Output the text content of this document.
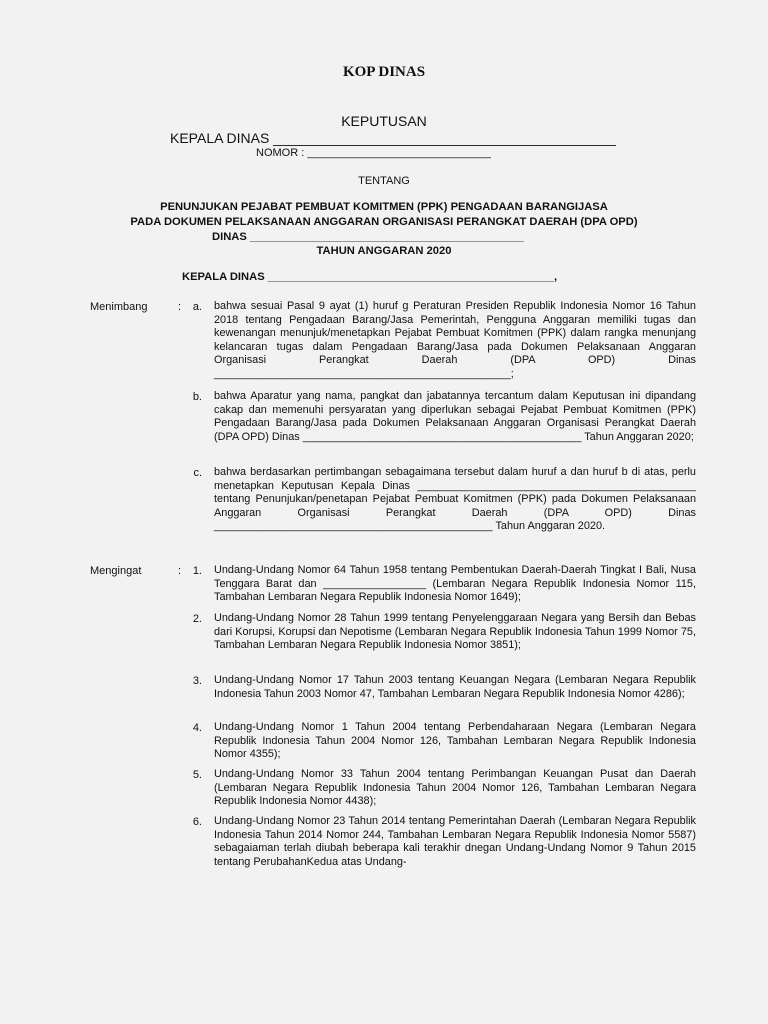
KOP DINAS
KEPUTUSAN
KEPALA DINAS ____________________________________________
NOMOR : ______________________________
TENTANG
PENUNJUKAN PEJABAT PEMBUAT KOMITMEN (PPK) PENGADAAN BARANGIJASA
PADA DOKUMEN PELAKSANAAN ANGGARAN ORGANISASI PERANGKAT DAERAH (DPA OPD)
DINAS ____________________________________________
TAHUN ANGGARAN 2020
KEPALA DINAS ______________________________________________,
Menimbang	:	a. bahwa sesuai Pasal 9 ayat (1) huruf g Peraturan Presiden Republik Indonesia Nomor 16 Tahun 2018 tentang Pengadaan Barang/Jasa Pemerintah, Pengguna Anggaran memiliki tugas dan kewenangan menunjuk/menetapkan Pejabat Pembuat Komitmen (PPK) dalam rangka menunjang kelancaran tugas dalam Pengadaan Barang/Jasa pada Dokumen Pelaksanaan Anggaran Organisasi Perangkat Daerah (DPA OPD) Dinas _________________________________________________;
b. bahwa Aparatur yang nama, pangkat dan jabatannya tercantum dalam Keputusan ini dipandang cakap dan memenuhi persyaratan yang diperlukan sebagai Pejabat Pembuat Komitmen (PPK) Pengadaan Barang/Jasa pada Dokumen Pelaksanaan Anggaran Organisasi Perangkat Daerah (DPA OPD) Dinas ______________________________________________ Tahun Anggaran 2020;
c. bahwa berdasarkan pertimbangan sebagaimana tersebut dalam huruf a dan huruf b di atas, perlu menetapkan Keputusan Kepala Dinas ______________________________________________ tentang Penunjukan/penetapan Pejabat Pembuat Komitmen (PPK) pada Dokumen Pelaksanaan Anggaran Organisasi Perangkat Daerah (DPA OPD) Dinas ______________________________________________ Tahun Anggaran 2020.
Mengingat	:	1. Undang-Undang Nomor 64 Tahun 1958 tentang Pembentukan Daerah-Daerah Tingkat I Bali, Nusa Tenggara Barat dan _________________ (Lembaran Negara Republik Indonesia Nomor 115, Tambahan Lembaran Negara Republik Indonesia Nomor 1649);
2. Undang-Undang Nomor 28 Tahun 1999 tentang Penyelenggaraan Negara yang Bersih dan Bebas dari Korupsi, Korupsi dan Nepotisme (Lembaran Negara Republik Indonesia Tahun 1999 Nomor 75, Tambahan Lembaran Negara Republik Indonesia Nomor 3851);
3. Undang-Undang Nomor 17 Tahun 2003 tentang Keuangan Negara (Lembaran Negara Republik Indonesia Tahun 2003 Nomor 47, Tambahan Lembaran Negara Republik Indonesia Nomor 4286);
4. Undang-Undang Nomor 1 Tahun 2004 tentang Perbendaharaan Negara (Lembaran Negara Republik Indonesia Tahun 2004 Nomor 126, Tambahan Lembaran Negara Republik Indonesia Nomor 4355);
5. Undang-Undang Nomor 33 Tahun 2004 tentang Perimbangan Keuangan Pusat dan Daerah (Lembaran Negara Republik Indonesia Tahun 2004 Nomor 126, Tambahan Lembaran Negara Republik Indonesia Nomor 4438);
6. Undang-Undang Nomor 23 Tahun 2014 tentang Pemerintahan Daerah (Lembaran Negara Republik Indonesia Tahun 2014 Nomor 244, Tambahan Lembaran Negara Republik Indonesia Nomor 5587) sebagaiaman terlah diubah beberapa kali terakhir dnegan Undang-Undang Nomor 9 Tahun 2015 tentang PerubahanKedua atas Undang-
